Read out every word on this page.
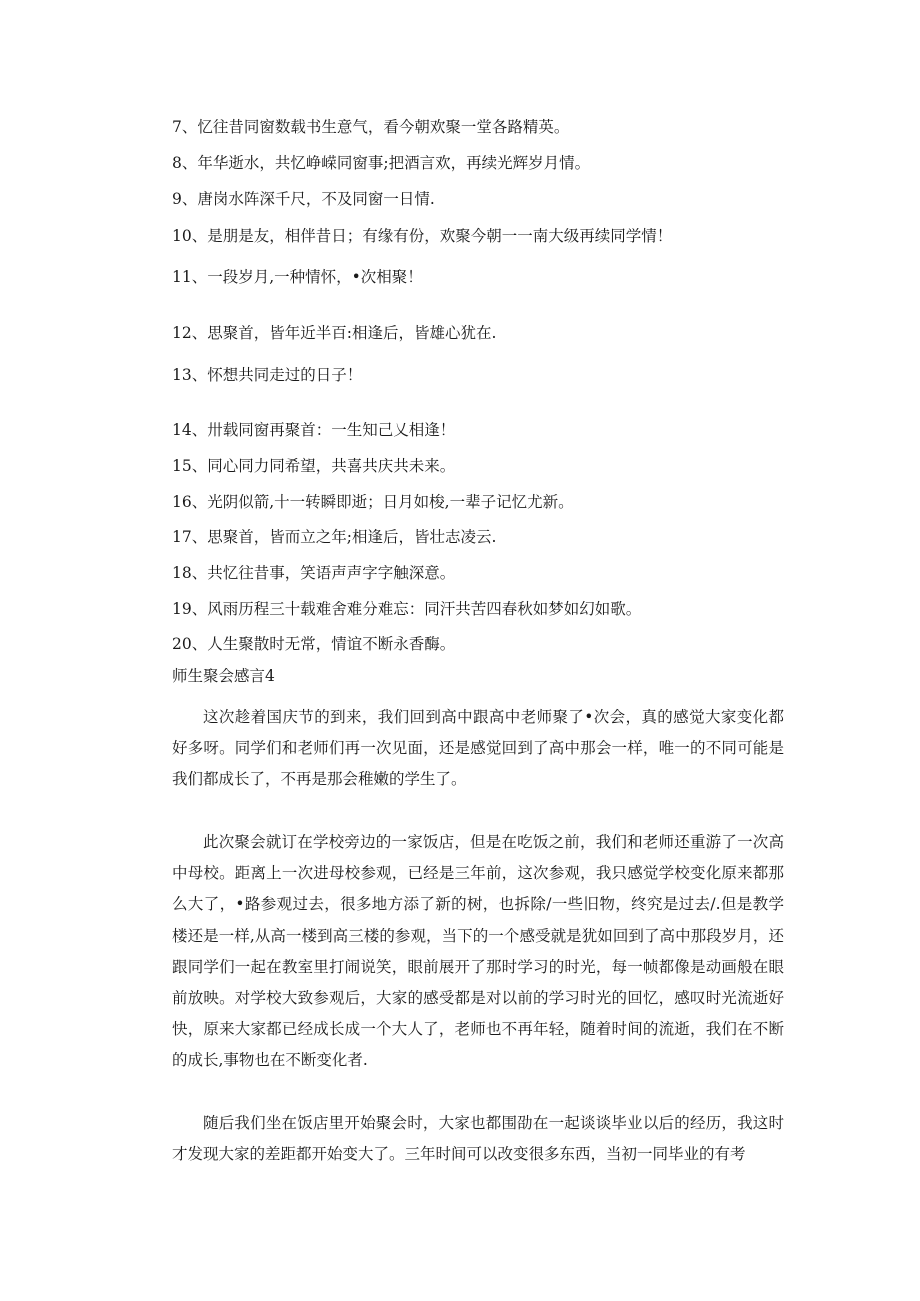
7、忆往昔同窗数载书生意气，看今朝欢聚一堂各路精英。
8、年华逝水，共忆峥嵘同窗事;把酒言欢，再续光辉岁月情。
9、唐岗水阵深千尺，不及同窗一日情.
10、是朋是友，相伴昔日；有缘有份，欢聚今朝一一南大级再续同学情！
11、一段岁月,一种情怀，•次相聚！
12、思聚首，皆年近半百:相逢后，皆雄心犹在.
13、怀想共同走过的日子！
14、卅载同窗再聚首：一生知己乂相逢！
15、同心同力同希望，共喜共庆共未来。
16、光阴似箭,十一转瞬即逝；日月如梭,一辈子记忆尤新。
17、思聚首，皆而立之年;相逢后，皆壮志凌云.
18、共忆往昔事，笑语声声字字触深意。
19、风雨历程三十载难舍难分难忘：同汗共苦四春秋如梦如幻如歌。
20、人生聚散时无常，情谊不断永香酶。
师生聚会感言4

这次趁着国庆节的到来，我们回到高中跟高中老师聚了•次会，真的感觉大家变化都好多呀。同学们和老师们再一次见面，还是感觉回到了高中那会一样，唯一的不同可能是我们都成长了，不再是那会稚嫩的学生了。

此次聚会就订在学校旁边的一家饭店，但是在吃饭之前，我们和老师还重游了一次高中母校。距离上一次进母校参观，已经是三年前，这次参观，我只感觉学校变化原来都那么大了，•路参观过去，很多地方添了新的树，也拆除/一些旧物，终究是过去/.但是教学楼还是一样,从高一楼到高三楼的参观，当下的一个感受就是犹如回到了高中那段岁月，还跟同学们一起在教室里打闹说笑，眼前展开了那时学习的时光，每一帧都像是动画般在眼前放映。对学校大致参观后，大家的感受都是对以前的学习时光的回忆，感叹时光流逝好快，原来大家都已经成长成一个大人了，老师也不再年轻，随着时间的流逝，我们在不断的成长,事物也在不断变化者.

随后我们坐在饭店里开始聚会时，大家也都围劭在一起谈谈毕业以后的经历，我这时才发现大家的差距都开始变大了。三年时间可以改变很多东西，当初一同毕业的有考
